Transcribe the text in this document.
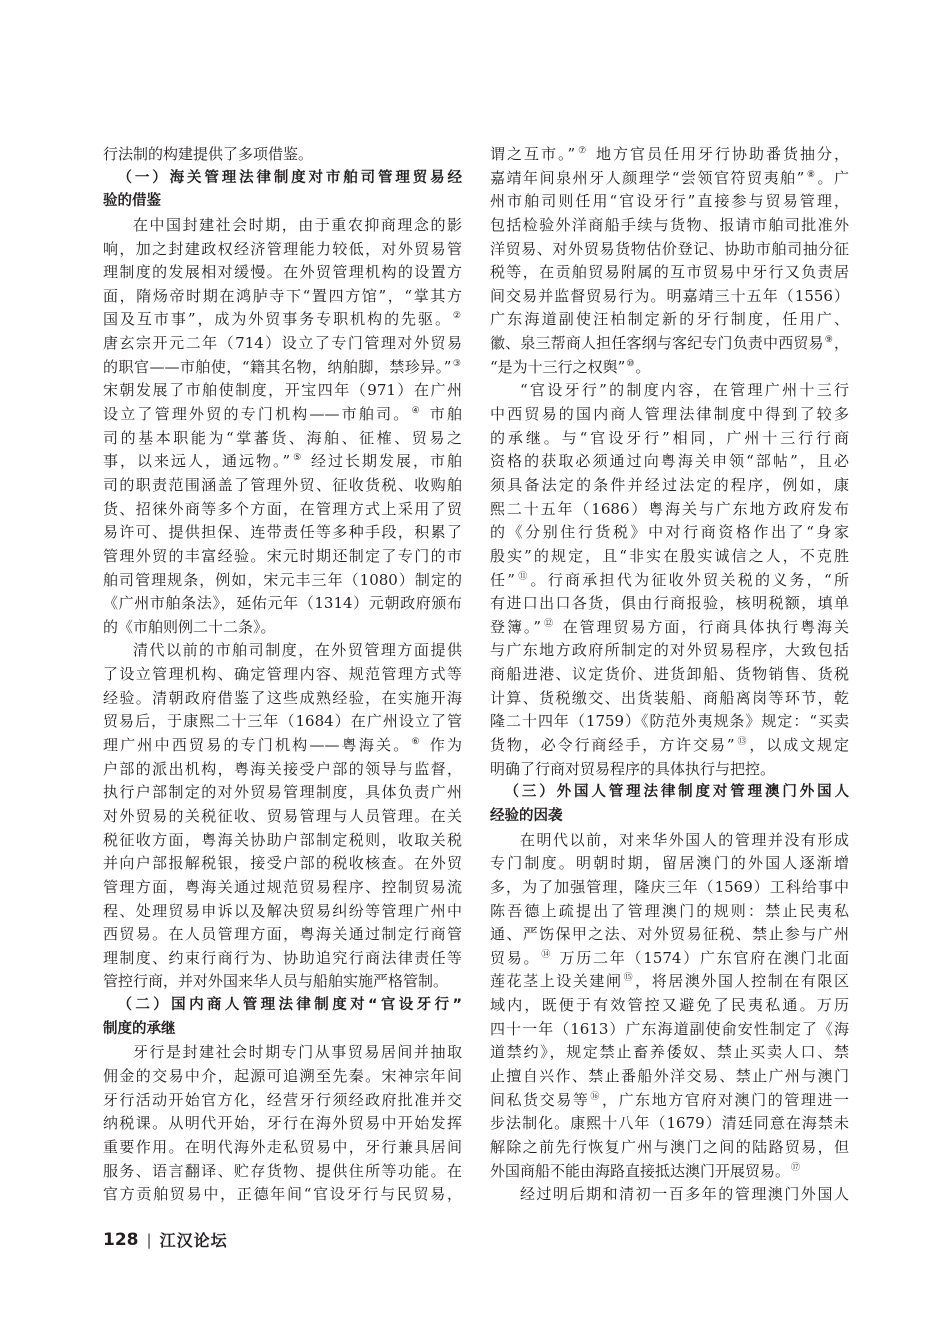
行法制的构建提供了多项借鉴。
（一）海关管理法律制度对市舶司管理贸易经
验的借鉴
在中国封建社会时期，由于重农抑商理念的影
响，加之封建政权经济管理能力较低，对外贸易管
理制度的发展相对缓慢。在外贸管理机构的设置方
面，隋炀帝时期在鸿胪寺下“置四方馆”，“掌其方
国及互市事”，成为外贸事务专职机构的先驱。②
唐玄宗开元二年（714）设立了专门管理对外贸易
的职官——市舶使，“籍其名物，纳舶脚，禁珍异。”③
宋朝发展了市舶使制度，开宝四年（971）在广州
设立了管理外贸的专门机构——市舶司。④ 市舶
司的基本职能为“掌蕃货、海舶、征榷、贸易之
事，以来远人，通远物。”⑤ 经过长期发展，市舶
司的职责范围涵盖了管理外贸、征收货税、收购舶
货、招徕外商等多个方面，在管理方式上采用了贸
易许可、提供担保、连带责任等多种手段，积累了
管理外贸的丰富经验。宋元时期还制定了专门的市
舶司管理规条，例如，宋元丰三年（1080）制定的
《广州市舶条法》，延佑元年（1314）元朝政府颁布
的《市舶则例二十二条》。
清代以前的市舶司制度，在外贸管理方面提供
了设立管理机构、确定管理内容、规范管理方式等
经验。清朝政府借鉴了这些成熟经验，在实施开海
贸易后，于康熙二十三年（1684）在广州设立了管
理广州中西贸易的专门机构——粤海关。⑥ 作为
户部的派出机构，粤海关接受户部的领导与监督，
执行户部制定的对外贸易管理制度，具体负责广州
对外贸易的关税征收、贸易管理与人员管理。在关
税征收方面，粤海关协助户部制定税则，收取关税
并向户部报解税银，接受户部的税收核查。在外贸
管理方面，粤海关通过规范贸易程序、控制贸易流
程、处理贸易申诉以及解决贸易纠纷等管理广州中
西贸易。在人员管理方面，粤海关通过制定行商管
理制度、约束行商行为、协助追究行商法律责任等
管控行商，并对外国来华人员与船舶实施严格管制。
（二）国内商人管理法律制度对“官设牙行”
制度的承继
牙行是封建社会时期专门从事贸易居间并抽取
佣金的交易中介，起源可追溯至先秦。宋神宗年间
牙行活动开始官方化，经营牙行须经政府批准并交
纳税课。从明代开始，牙行在海外贸易中开始发挥
重要作用。在明代海外走私贸易中，牙行兼具居间
服务、语言翻译、贮存货物、提供住所等功能。在
官方贡舶贸易中，正德年间“官设牙行与民贸易，
谓之互市。”⑦ 地方官员任用牙行协助番货抽分，
嘉靖年间泉州牙人颜理学“尝领官符贸夷舶”⑧。广
州市舶司则任用“官设牙行”直接参与贸易管理，
包括检验外洋商船手续与货物、报请市舶司批准外
洋贸易、对外贸易货物估价登记、协助市舶司抽分征
税等，在贡舶贸易附属的互市贸易中牙行又负责居
间交易并监督贸易行为。明嘉靖三十五年（1556）
广东海道副使汪柏制定新的牙行制度，任用广、
徽、泉三帮商人担任客纲与客纪专门负责中西贸易⑨，
“是为十三行之权舆”⑩。
“官设牙行”的制度内容，在管理广州十三行
中西贸易的国内商人管理法律制度中得到了较多
的承继。与“官设牙行”相同，广州十三行行商
资格的获取必须通过向粤海关申领“部帖”，且必
须具备法定的条件并经过法定的程序，例如，康
熙二十五年（1686）粤海关与广东地方政府发布
的《分别住行货税》中对行商资格作出了“身家
殷实”的规定，且“非实在殷实诚信之人，不克胜
任”⑪。行商承担代为征收外贸关税的义务，“所
有进口出口各货，俱由行商报验，核明税额，填单
登簿。”⑫ 在管理贸易方面，行商具体执行粤海关
与广东地方政府所制定的对外贸易程序，大致包括
商船进港、议定货价、进货卸船、货物销售、货税
计算、货税缴交、出货装船、商船离岗等环节，乾
隆二十四年（1759）《防范外夷规条》规定：“买卖
货物，必令行商经手，方许交易”⑬，以成文规定
明确了行商对贸易程序的具体执行与把控。
（三）外国人管理法律制度对管理澳门外国人
经验的因袭
在明代以前，对来华外国人的管理并没有形成
专门制度。明朝时期，留居澳门的外国人逐渐增
多，为了加强管理，隆庆三年（1569）工科给事中
陈吾德上疏提出了管理澳门的规则：禁止民夷私
通、严饬保甲之法、对外贸易征税、禁止参与广州
贸易。⑭ 万历二年（1574）广东官府在澳门北面
莲花茎上设关建闸⑮，将居澳外国人控制在有限区
域内，既便于有效管控又避免了民夷私通。万历
四十一年（1613）广东海道副使俞安性制定了《海
道禁约》，规定禁止畜养倭奴、禁止买卖人口、禁
止擅自兴作、禁止番船外洋交易、禁止广州与澳门
间私货交易等⑯，广东地方官府对澳门的管理进一
步法制化。康熙十八年（1679）清廷同意在海禁未
解除之前先行恢复广州与澳门之间的陆路贸易，但
外国商船不能由海路直接抵达澳门开展贸易。⑰
经过明后期和清初一百多年的管理澳门外国人
128 | 江汉论坛
